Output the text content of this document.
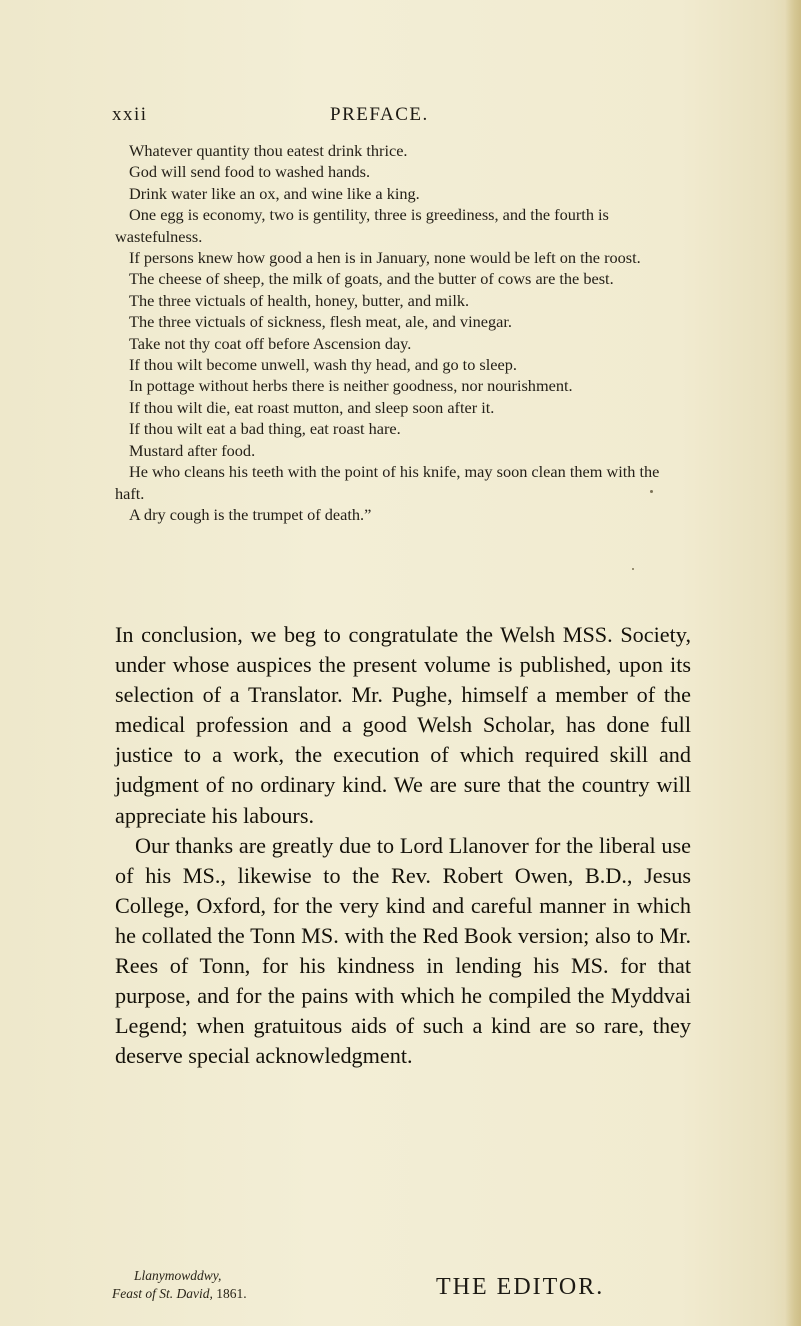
xxii	PREFACE.

Whatever quantity thou eatest drink thrice.

God will send food to washed hands.

Drink water like an ox, and wine like a king.

One egg is economy, two is gentility, three is greediness, and the fourth is wastefulness.

If persons knew how good a hen is in January, none would be left on the roost.

The cheese of sheep, the milk of goats, and the butter of cows are the best.

The three victuals of health, honey, butter, and milk.

The three victuals of sickness, flesh meat, ale, and vinegar.

Take not thy coat off before Ascension day.

If thou wilt become unwell, wash thy head, and go to sleep.

In pottage without herbs there is neither goodness, nor nourishment.

If thou wilt die, eat roast mutton, and sleep soon after it.

If thou wilt eat a bad thing, eat roast hare.

Mustard after food.

He who cleans his teeth with the point of his knife, may soon clean them with the haft.

A dry cough is the trumpet of death.”

In conclusion, we beg to congratulate the Welsh MSS. Society, under whose auspices the present volume is published, upon its selection of a Translator. Mr. Pughe, himself a member of the medical profession and a good Welsh Scholar, has done full justice to a work, the execution of which required skill and judgment of no ordinary kind. We are sure that the country will appreciate his labours.

Our thanks are greatly due to Lord Llanover for the liberal use of his MS., likewise to the Rev. Robert Owen, B.D., Jesus College, Oxford, for the very kind and careful manner in which he collated the Tonn MS. with the Red Book version; also to Mr. Rees of Tonn, for his kindness in lending his MS. for that purpose, and for the pains with which he compiled the Myddvai Legend; when gratuitous aids of such a kind are so rare, they deserve special acknowledgment.

Llanymowddwy,
Feast of St. David, 1861.	THE EDITOR.
